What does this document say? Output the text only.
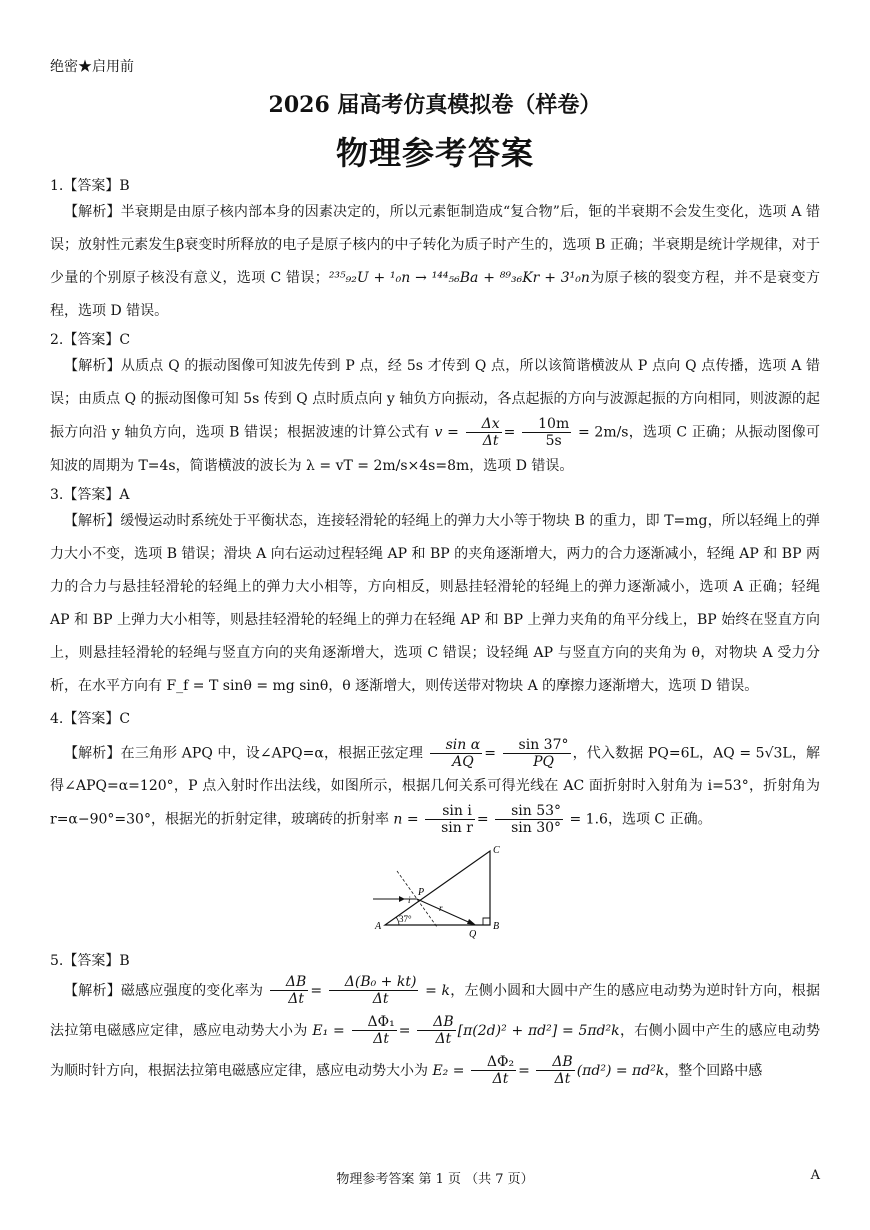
绝密★启用前
2026 届高考仿真模拟卷（样卷）
物理参考答案

1.【答案】B

【解析】半衰期是由原子核内部本身的因素决定的，所以元素钷制造成“复合物”后，钷的半衰期不会发生变化，选项 A 错误；放射性元素发生β衰变时所释放的电子是原子核内的中子转化为质子时产生的，选项 B 正确；半衰期是统计学规律，对于少量的个别原子核没有意义，选项 C 错误；²³⁵₉₂U + ¹₀n → ¹⁴⁴₅₆Ba + ⁸⁹₃₆Kr + 3¹₀n为原子核的裂变方程，并不是衰变方程，选项 D 错误。

2.【答案】C

【解析】从质点 Q 的振动图像可知波先传到 P 点，经 5s 才传到 Q 点，所以该简谐横波从 P 点向 Q 点传播，选项 A 错误；由质点 Q 的振动图像可知 5s 传到 Q 点时质点向 y 轴负方向振动，各点起振的方向与波源起振的方向相同，则波源的起振方向沿 y 轴负方向，选项 B 错误；根据波速的计算公式有 $v = \frac{\Delta x}{\Delta t} = \frac{10m}{5s} = 2m/s$，选项 C 正确；从振动图像可知波的周期为 T=4s，简谐横波的波长为 λ = vT = 2m/s×4s=8m，选项 D 错误。

3.【答案】A

【解析】缓慢运动时系统处于平衡状态，连接轻滑轮的轻绳上的弹力大小等于物块 B 的重力，即 T=mg，所以轻绳上的弹力大小不变，选项 B 错误；滑块 A 向右运动过程轻绳 AP 和 BP 的夹角逐渐增大，两力的合力逐渐减小，轻绳 AP 和 BP 两力的合力与悬挂轻滑轮的轻绳上的弹力大小相等，方向相反，则悬挂轻滑轮的轻绳上的弹力逐渐减小，选项 A 正确；轻绳 AP 和 BP 上弹力大小相等，则悬挂轻滑轮的轻绳上的弹力在轻绳 AP 和 BP 上弹力夹角的角平分线上，BP 始终在竖直方向上，则悬挂轻滑轮的轻绳与竖直方向的夹角逐渐增大，选项 C 错误；设轻绳 AP 与竖直方向的夹角为 θ，对物块 A 受力分析，在水平方向有 F_f = T sinθ = mg sinθ，θ 逐渐增大，则传送带对物块 A 的摩擦力逐渐增大，选项 D 错误。

4.【答案】C

【解析】在三角形 APQ 中，设∠APQ=α，根据正弦定理 $\frac{\text{sin α}}{AQ} = \frac{\sin 37^\circ}{PQ}$ ，代入数据 PQ=6L，AQ = 5√3L，解得∠APQ=α=120°，P 点入射时作出法线，如图所示，根据几何关系可得光线在 AC 面折射时入射角为 i=53°，折射角为 r=α−90°=30°，根据光的折射定律，玻璃砖的折射率 $n = \frac{\text{sin i}}{\text{sin r}} = \frac{\sin 53^\circ}{\sin 30^\circ} = 1.6$，选项 C 正确。

C
P
i
r
A
37°
Q
B

5.【答案】B

【解析】磁感应强度的变化率为 $\frac{\Delta B}{\Delta t} = \frac{\text{Δ(B₀ + kt)}}{\Delta t} = k$，左侧小圆和大圆中产生的感应电动势为逆时针方向，根据法拉第电磁感应定律，感应电动势大小为 $E_1 = \frac{\text{ΔΦ₁}}{\Delta t} = \frac{\Delta B}{\Delta t} [\pi(2d)^2 + \pi d^2] = 5\pi d^2k$，右侧小圆中产生的感应电动势为顺时针方向，根据法拉第电磁感应定律，感应电动势大小为 $E_2 = \frac{\text{ΔΦ₂}}{\Delta t} = \frac{\Delta B}{\Delta t} (\pi d^2) = \pi d^2k$，整个回路中感

物理参考答案 第 1 页 （共 7 页）	A
